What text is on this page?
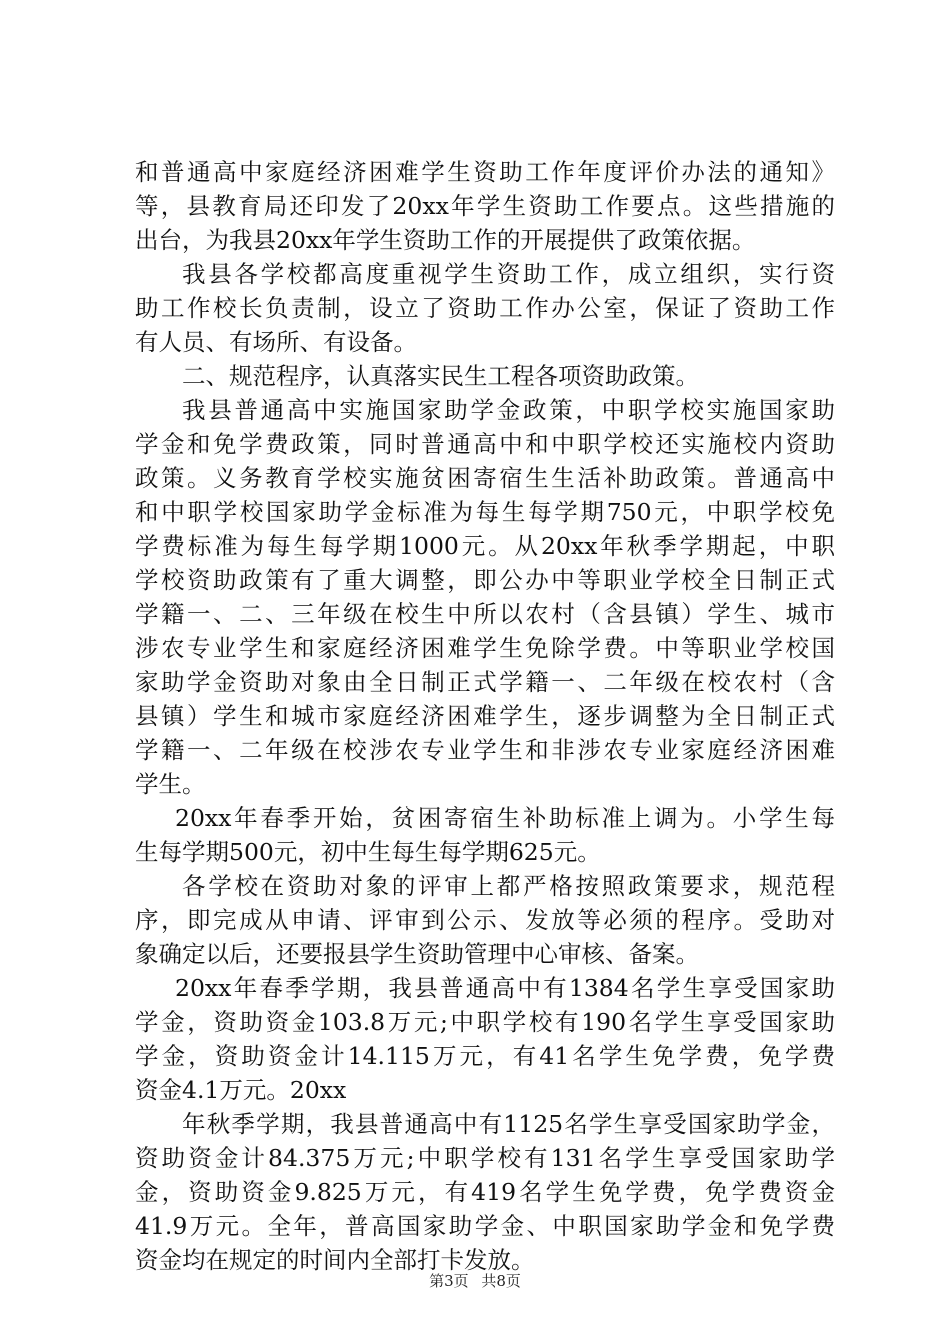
和普通高中家庭经济困难学生资助工作年度评价办法的通知》
等，县教育局还印发了20xx年学生资助工作要点。这些措施的
出台，为我县20xx年学生资助工作的开展提供了政策依据。
我县各学校都高度重视学生资助工作，成立组织，实行资
助工作校长负责制，设立了资助工作办公室，保证了资助工作
有人员、有场所、有设备。
二、规范程序，认真落实民生工程各项资助政策。
我县普通高中实施国家助学金政策，中职学校实施国家助
学金和免学费政策，同时普通高中和中职学校还实施校内资助
政策。义务教育学校实施贫困寄宿生生活补助政策。普通高中
和中职学校国家助学金标准为每生每学期750元，中职学校免
学费标准为每生每学期1000元。从20xx年秋季学期起，中职
学校资助政策有了重大调整，即公办中等职业学校全日制正式
学籍一、二、三年级在校生中所以农村（含县镇）学生、城市
涉农专业学生和家庭经济困难学生免除学费。中等职业学校国
家助学金资助对象由全日制正式学籍一、二年级在校农村（含
县镇）学生和城市家庭经济困难学生，逐步调整为全日制正式
学籍一、二年级在校涉农专业学生和非涉农专业家庭经济困难
学生。
20xx年春季开始，贫困寄宿生补助标准上调为。小学生每
生每学期500元，初中生每生每学期625元。
各学校在资助对象的评审上都严格按照政策要求，规范程
序，即完成从申请、评审到公示、发放等必须的程序。受助对
象确定以后，还要报县学生资助管理中心审核、备案。
20xx年春季学期，我县普通高中有1384名学生享受国家助
学金，资助资金103.8万元;中职学校有190名学生享受国家助
学金，资助资金计14.115万元，有41名学生免学费，免学费
资金4.1万元。20xx
年秋季学期，我县普通高中有1125名学生享受国家助学金，
资助资金计84.375万元;中职学校有131名学生享受国家助学
金，资助资金9.825万元，有419名学生免学费，免学费资金
41.9万元。全年，普高国家助学金、中职国家助学金和免学费
资金均在规定的时间内全部打卡发放。
第3页 共8页
